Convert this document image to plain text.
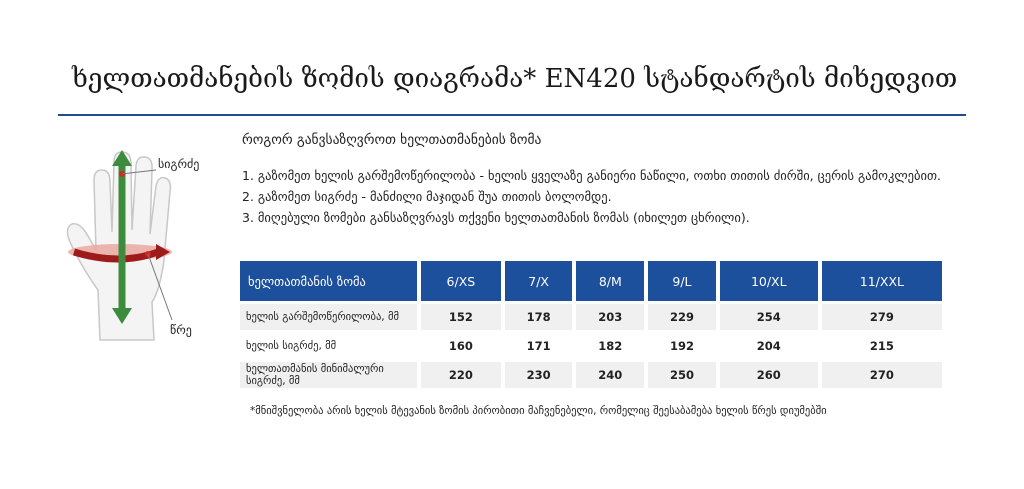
ხელთათმანების ზომის დიაგრამა* EN420 სტანდარტის მიხედვით
სიგრძე
წრე
როგორ განვსაზღვროთ ხელთათმანების ზომა

1. გაზომეთ ხელის გარშემოწერილობა - ხელის ყველაზე განიერი ნაწილი, ოთხი თითის ძირში, ცერის გამოკლებით.

2. გაზომეთ სიგრძე - მანძილი მაჯიდან შუა თითის ბოლომდე.

3. მიღებული ზომები განსაზღვრავს თქვენი ხელთათმანის ზომას (იხილეთ ცხრილი).

ხელთათმანის ზომა	6/XS	7/X	8/M	9/L	10/XL	11/XXL
ხელის გარშემოწერილობა, მმ	152	178	203	229	254	279
ხელის სიგრძე, მმ	160	171	182	192	204	215
ხელთათმანის მინიმალური სიგრძე, მმ	220	230	240	250	260	270
*მნიშვნელობა არის ხელის მტევანის ზომის პირობითი მაჩვენებელი, რომელიც შეესაბამება ხელის წრეს დიუმებში
